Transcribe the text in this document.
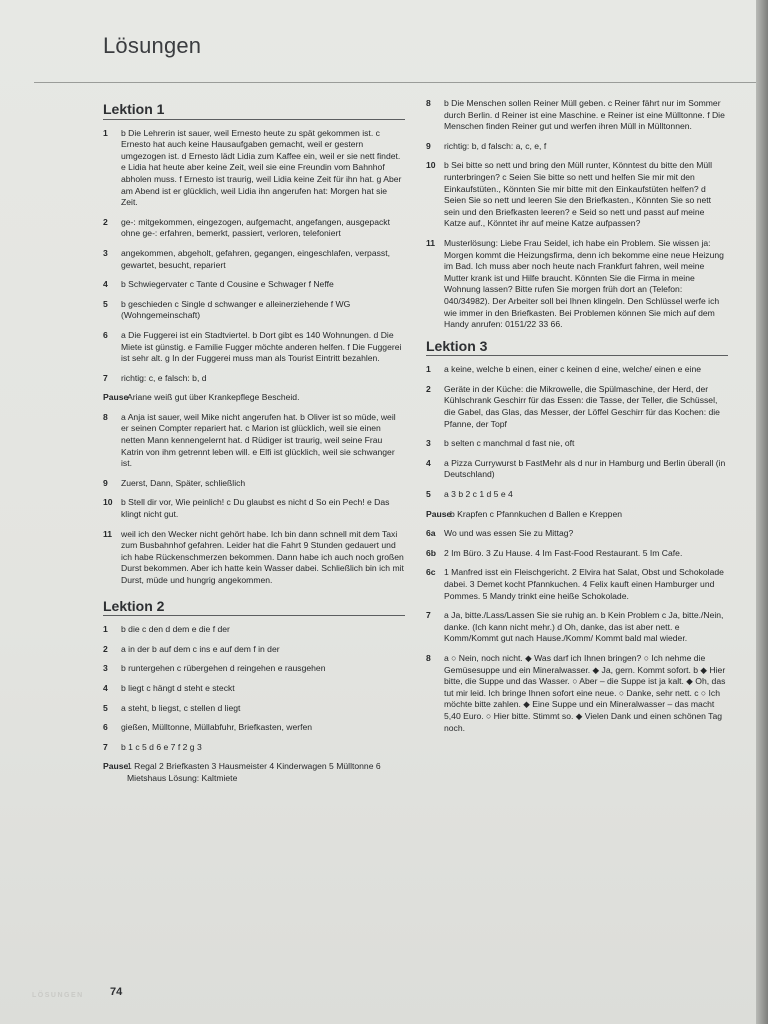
Lösungen
Lektion 1
1	b Die Lehrerin ist sauer, weil Ernesto heute zu spät gekommen ist. c Ernesto hat auch keine Hausaufgaben gemacht, weil er gestern umgezogen ist. d Ernesto lädt Lidia zum Kaffee ein, weil er sie nett findet. e Lidia hat heute aber keine Zeit, weil sie eine Freundin vom Bahnhof abholen muss. f Ernesto ist traurig, weil Lidia keine Zeit für ihn hat. g Aber am Abend ist er glücklich, weil Lidia ihn angerufen hat: Morgen hat sie Zeit.
2	ge-: mitgekommen, eingezogen, aufgemacht, angefangen, ausgepackt ohne ge-: erfahren, bemerkt, passiert, verloren, telefoniert
3	angekommen, abgeholt, gefahren, gegangen, eingeschlafen, verpasst, gewartet, besucht, repariert
4	b Schwiegervater c Tante d Cousine e Schwager f Neffe
5	b geschieden c Single d schwanger e alleinerziehende f WG (Wohngemeinschaft)
6	a Die Fuggerei ist ein Stadtviertel. b Dort gibt es 140 Wohnungen. d Die Miete ist günstig. e Familie Fugger möchte anderen helfen. f Die Fuggerei ist sehr alt. g In der Fuggerei muss man als Tourist Eintritt bezahlen.
7	richtig: c, e falsch: b, d
Pause
Ariane weiß gut über Krankepflege Bescheid.
8	a Anja ist sauer, weil Mike nicht angerufen hat. b Oliver ist so müde, weil er seinen Compter repariert hat. c Marion ist glücklich, weil sie einen netten Mann kennengelernt hat. d Rüdiger ist traurig, weil seine Frau Katrin von ihm getrennt leben will. e Elfi ist glücklich, weil sie schwanger ist.
9	Zuerst, Dann, Später, schließlich
10 b Stell dir vor, Wie peinlich! c Du glaubst es nicht d So ein Pech! e Das klingt nicht gut.
11	weil ich den Wecker nicht gehört habe. Ich bin dann schnell mit dem Taxi zum Busbahnhof gefahren. Leider hat die Fahrt 9 Stunden gedauert und ich habe Rückenschmerzen bekommen. Dann habe ich auch noch großen Durst bekommen. Aber ich hatte kein Wasser dabei. Schließlich bin ich mit Durst, müde und hungrig angekommen.
Lektion 2
1	b die c den d dem e die f der
2	a in der b auf dem c ins e auf dem f in der
3	b runtergehen c rübergehen d reingehen e rausgehen
4	b liegt c hängt d steht e steckt
5	a steht, b liegst, c stellen d liegt
6	gießen, Mülltonne, Müllabfuhr, Briefkasten, werfen
7	b 1 c 5 d 6 e 7 f 2 g 3
Pause
1 Regal 2 Briefkasten 3 Hausmeister 4 Kinderwagen 5 Mülltonne 6 Mietshaus Lösung: Kaltmiete
8	b Die Menschen sollen Reiner Müll geben. c Reiner fährt nur im Sommer durch Berlin. d Reiner ist eine Maschine. e Reiner ist eine Mülltonne. f Die Menschen finden Reiner gut und werfen ihren Müll in Mülltonnen.
9	richtig: b, d falsch: a, c, e, f
10 b Sei bitte so nett und bring den Müll runter, Könntest du bitte den Müll runterbringen? c Seien Sie bitte so nett und helfen Sie mir mit den Einkaufstüten., Könnten Sie mir bitte mit den Einkaufstüten helfen? d Seien Sie so nett und leeren Sie den Briefkasten., Könnten Sie so nett sein und den Briefkasten leeren? e Seid so nett und passt auf meine Katze auf., Könntet ihr auf meine Katze aufpassen?
11	Musterlösung: Liebe Frau Seidel, ich habe ein Problem. Sie wissen ja: Morgen kommt die Heizungsfirma, denn ich bekomme eine neue Heizung im Bad. Ich muss aber noch heute nach Frankfurt fahren, weil meine Mutter krank ist und Hilfe braucht. Könnten Sie die Firma in meine Wohnung lassen? Bitte rufen Sie morgen früh dort an (Telefon: 040/34982). Der Arbeiter soll bei Ihnen klingeln. Den Schlüssel werfe ich wie immer in den Briefkasten. Bei Problemen können Sie mich auf dem Handy anrufen: 0151/22 33 66.
Lektion 3
1	a keine, welche b einen, einer c keinen d eine, welche/ einen e eine
2	Geräte in der Küche: die Mikrowelle, die Spülmaschine, der Herd, der Kühlschrank Geschirr für das Essen: die Tasse, der Teller, die Schüssel, die Gabel, das Glas, das Messer, der Löffel Geschirr für das Kochen: die Pfanne, der Topf
3	b selten c manchmal d fast nie, oft
4	a Pizza Currywurst b FastMehr als d nur in Hamburg und Berlin überall (in Deutschland)
5	a 3 b 2 c 1 d 5 e 4
Pause
b Krapfen c Pfannkuchen d Ballen e Kreppen
6a Wo und was essen Sie zu Mittag?
6b 2 Im Büro. 3 Zu Hause. 4 Im Fast-Food Restaurant. 5 Im Cafe.
6c 1 Manfred isst ein Fleischgericht. 2 Elvira hat Salat, Obst und Schokolade dabei. 3 Demet kocht Pfannkuchen. 4 Felix kauft einen Hamburger und Pommes. 5 Mandy trinkt eine heiße Schokolade.
7	a Ja, bitte./Lass/Lassen Sie sie ruhig an. b Kein Problem c Ja, bitte./Nein, danke. (Ich kann nicht mehr.) d Oh, danke, das ist aber nett. e Komm/Kommt gut nach Hause./Komm/ Kommt bald mal wieder.
8	a ○ Nein, noch nicht. ◆ Was darf ich Ihnen bringen? ○ Ich nehme die Gemüsesuppe und ein Mineralwasser. ◆ Ja, gern. Kommt sofort. b ◆ Hier bitte, die Suppe und das Wasser. ○ Aber – die Suppe ist ja kalt. ◆ Oh, das tut mir leid. Ich bringe Ihnen sofort eine neue. ○ Danke, sehr nett. c ○ Ich möchte bitte zahlen. ◆ Eine Suppe und ein Mineralwasser – das macht 5,40 Euro. ○ Hier bitte. Stimmt so. ◆ Vielen Dank und einen schönen Tag noch.
LÖSUNGEN 74
